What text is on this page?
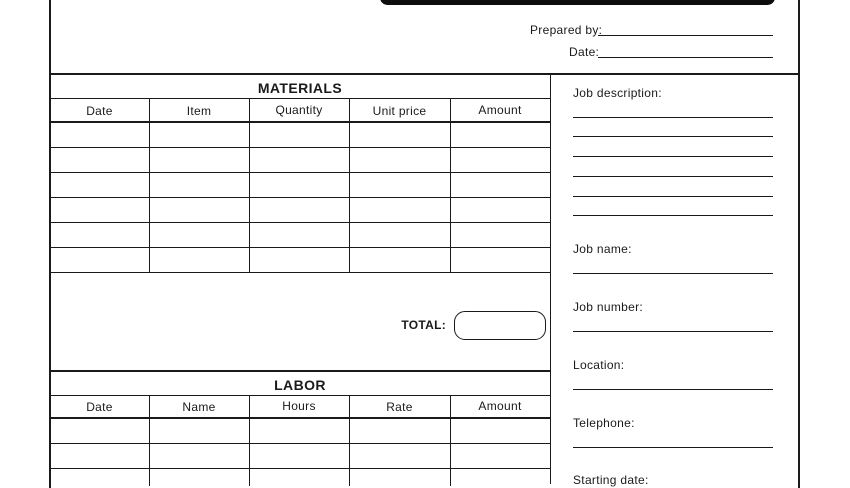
Prepared by:
Date:
MATERIALS
Date	Item	Quantity	Unit price	Amount
TOTAL:
LABOR
Date	Name	Hours	Rate	Amount
Job description:
Job name:
Job number:
Location:
Telephone:
Starting date:
